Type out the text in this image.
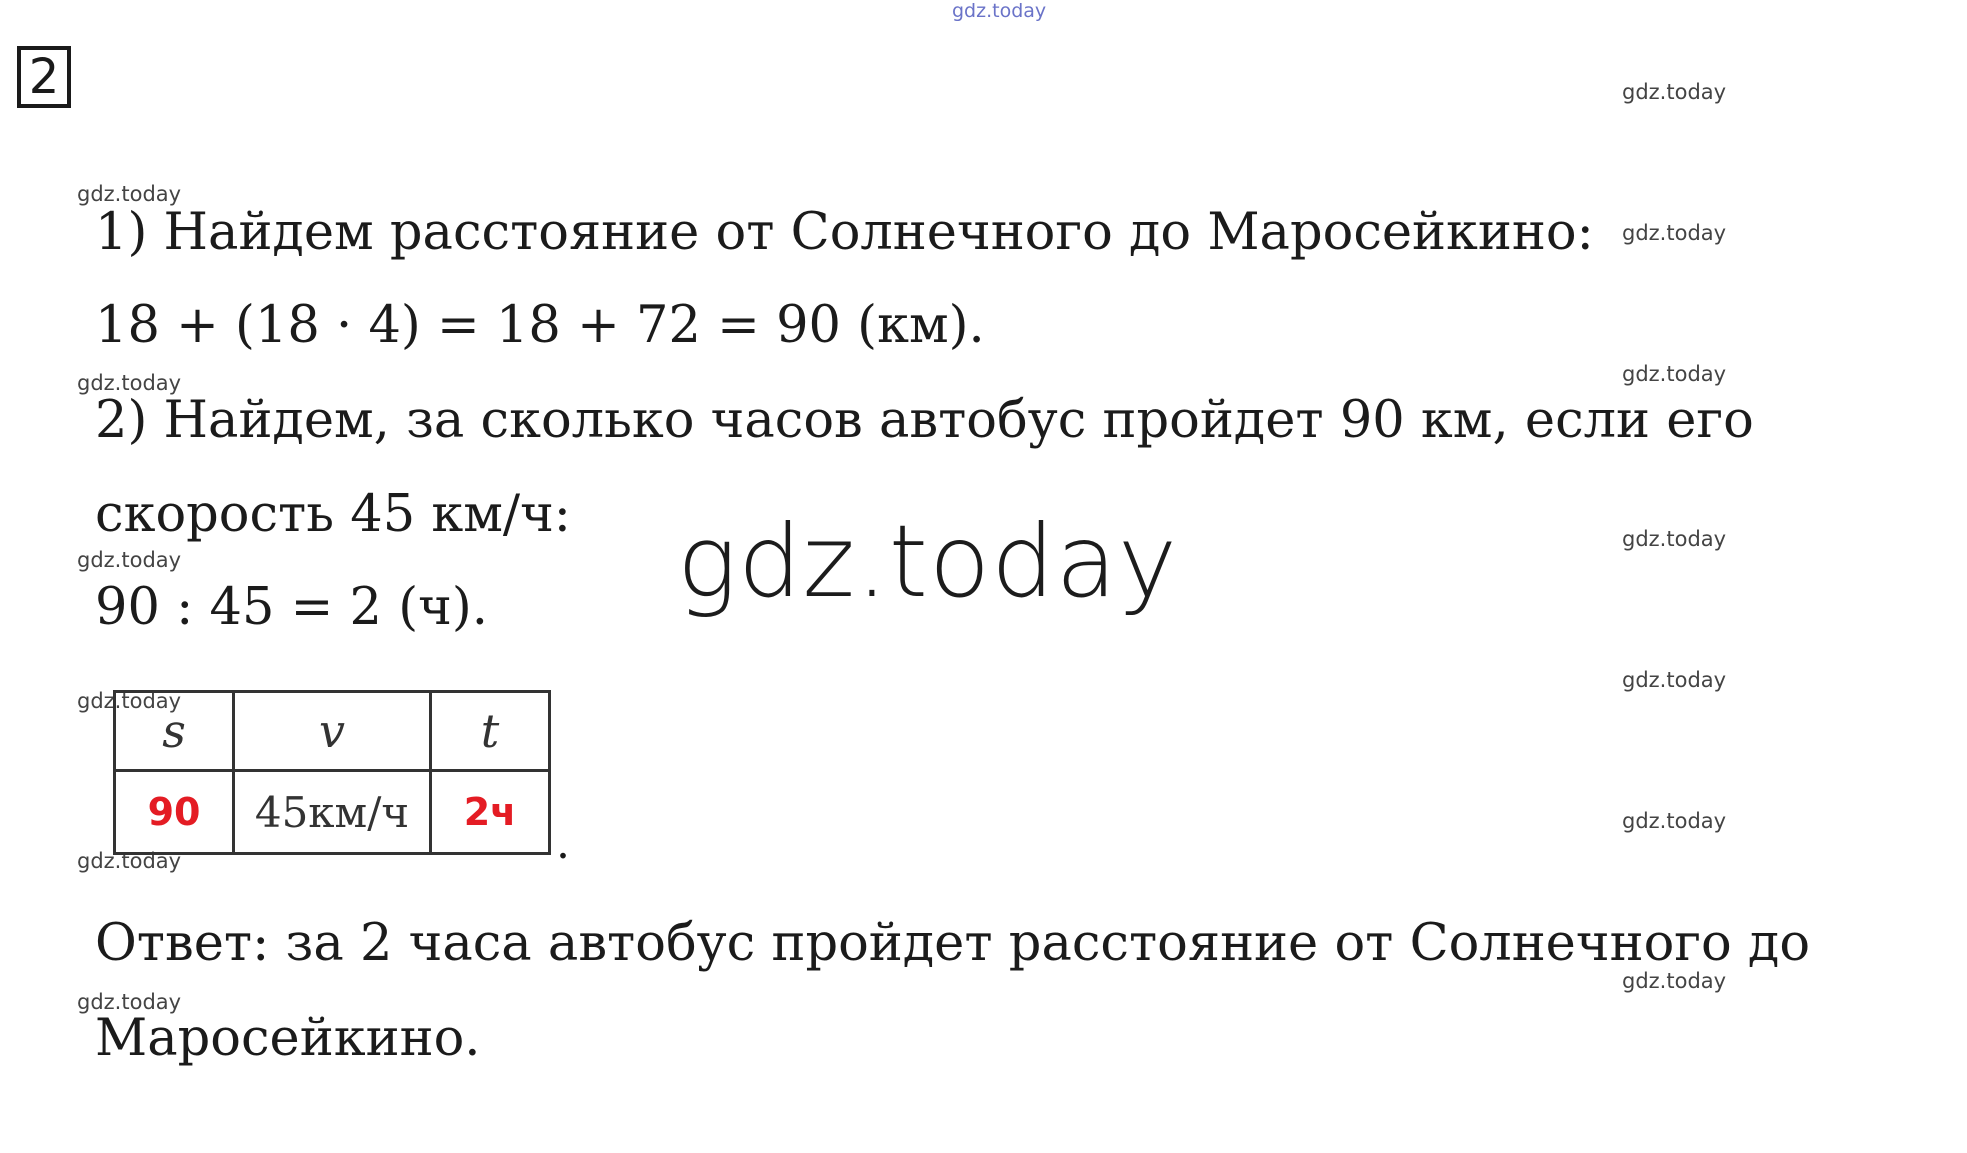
gdz.today
2	gdz.today
gdz.today
gdz.today
gdz.today
gdz.today
gdz.today
gdz.today
gdz.today
gdz.today
gdz.today
gdz.today
gdz.today
gdz.today
1) Найдем расстояние от Солнечного до Маросейкино:
18 + (18 · 4) = 18 + 72 = 90 (км).
2) Найдем, за сколько часов автобус пройдет 90 км, если его
скорость 45 км/ч:
90 : 45 = 2 (ч). gdz.today
s	v	t
90	45км/ч	2ч
.
Ответ: за 2 часа автобус пройдет расстояние от Солнечного до
Маросейкино.
